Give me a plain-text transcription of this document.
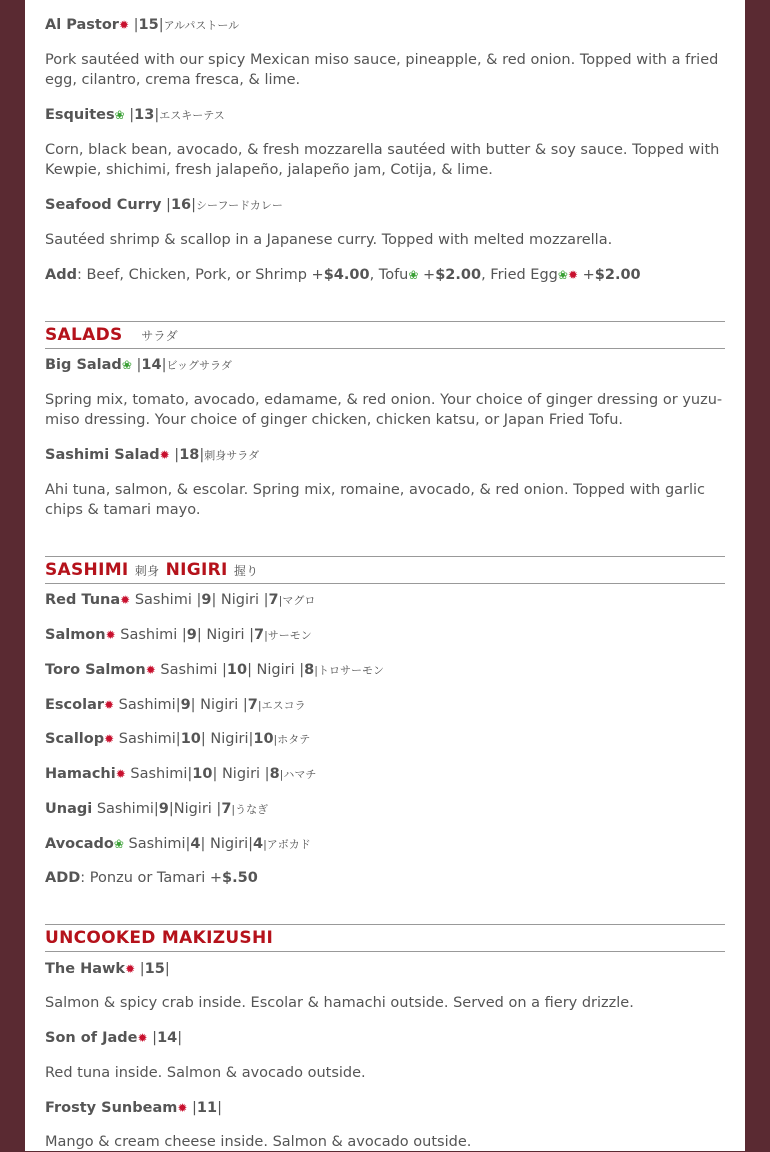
Al Pastor✹ |15|アルパストール
Pork sautéed with our spicy Mexican miso sauce, pineapple, & red onion. Topped with a fried egg, cilantro, crema fresca, & lime.
Esquites❀ |13|エスキーテス
Corn, black bean, avocado, & fresh mozzarella sautéed with butter & soy sauce. Topped with Kewpie, shichimi, fresh jalapeño, jalapeño jam, Cotija, & lime.
Seafood Curry |16|シーフードカレー
Sautéed shrimp & scallop in a Japanese curry. Topped with melted mozzarella.
Add: Beef, Chicken, Pork, or Shrimp +$4.00, Tofu❀ +$2.00, Fried Egg❀✹ +$2.00
SALADS サラダ
Big Salad❀ |14|ビッグサラダ
Spring mix, tomato, avocado, edamame, & red onion. Your choice of ginger dressing or yuzu-miso dressing. Your choice of ginger chicken, chicken katsu, or Japan Fried Tofu.
Sashimi Salad✹ |18|刺身サラダ
Ahi tuna, salmon, & escolar. Spring mix, romaine, avocado, & red onion. Topped with garlic chips & tamari mayo.
SASHIMI 刺身 NIGIRI 握り
Red Tuna✹ Sashimi |9| Nigiri |7|マグロ
Salmon✹ Sashimi |9| Nigiri |7|サーモン
Toro Salmon✹ Sashimi |10| Nigiri |8|トロサーモン
Escolar✹ Sashimi|9| Nigiri |7|エスコラ
Scallop✹ Sashimi|10| Nigiri|10|ホタテ
Hamachi✹ Sashimi|10| Nigiri |8|ハマチ
Unagi Sashimi|9|Nigiri |7|うなぎ
Avocado❀ Sashimi|4| Nigiri|4|アボカド
ADD: Ponzu or Tamari +$.50
UNCOOKED MAKIZUSHI
The Hawk✹ |15|
Salmon & spicy crab inside. Escolar & hamachi outside. Served on a fiery drizzle.
Son of Jade✹ |14|
Red tuna inside. Salmon & avocado outside.
Frosty Sunbeam✹ |11|
Mango & cream cheese inside. Salmon & avocado outside.
